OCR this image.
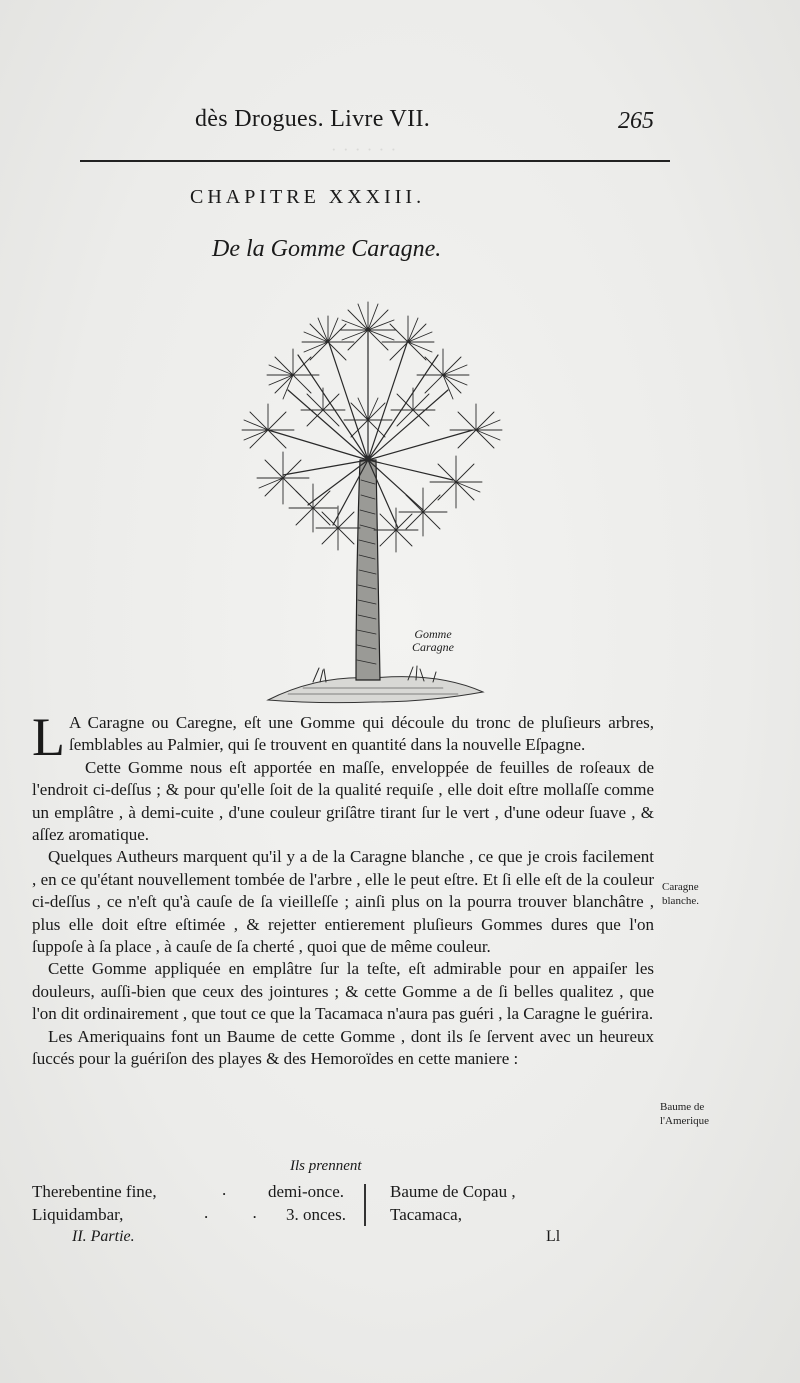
· · · · · ·
dès Drogues. Livre VII.	265
CHAPITRE XXXIII.
De la Gomme Caragne.
Gomme
Caragne

L A Caragne ou Caregne, eſt une Gomme qui découle du tronc de pluſieurs arbres, ſemblables au Palmier, qui ſe trouvent en quantité dans la nouvelle Eſpagne.

Cette Gomme nous eſt apportée en maſſe, enveloppée de feuilles de roſeaux de l'endroit ci-deſſus ; & pour qu'elle ſoit de la qualité requiſe , elle doit eſtre mollaſſe comme un emplâtre , à demi-cuite , d'une couleur griſâtre tirant ſur le vert , d'une odeur ſuave , & aſſez aromatique.

Quelques Autheurs marquent qu'il y a de la Caragne blanche , ce que je crois facilement , en ce qu'étant nouvellement tombée de l'arbre , elle le peut eſtre. Et ſi elle eſt de la couleur ci-deſſus , ce n'eſt qu'à cauſe de ſa vieilleſſe ; ainſi plus on la pourra trouver blanchâtre , plus elle doit eſtre eſtimée , & rejetter entierement pluſieurs Gommes dures que l'on ſuppoſe à ſa place , à cauſe de ſa cherté , quoi que de même couleur.

Cette Gomme appliquée en emplâtre ſur la teſte, eſt admirable pour en appaiſer les douleurs, auſſi-bien que ceux des jointures ; & cette Gomme a de ſi belles qualitez , que l'on dit ordinairement , que tout ce que la Tacamaca n'aura pas guéri , la Caragne le guérira.

Les Ameriquains font un Baume de cette Gomme , dont ils ſe ſervent avec un heureux ſuccés pour la guériſon des playes & des Hemoroïdes en cette maniere :

Caragne
blanche.
Baume de
l'Amerique
Ils prennent
Therebentine fine,	. demi-once.	Baume de Copau ,
Liquidambar,	. . 3. onces.	Tacamaca,
II. Partie.	Ll
